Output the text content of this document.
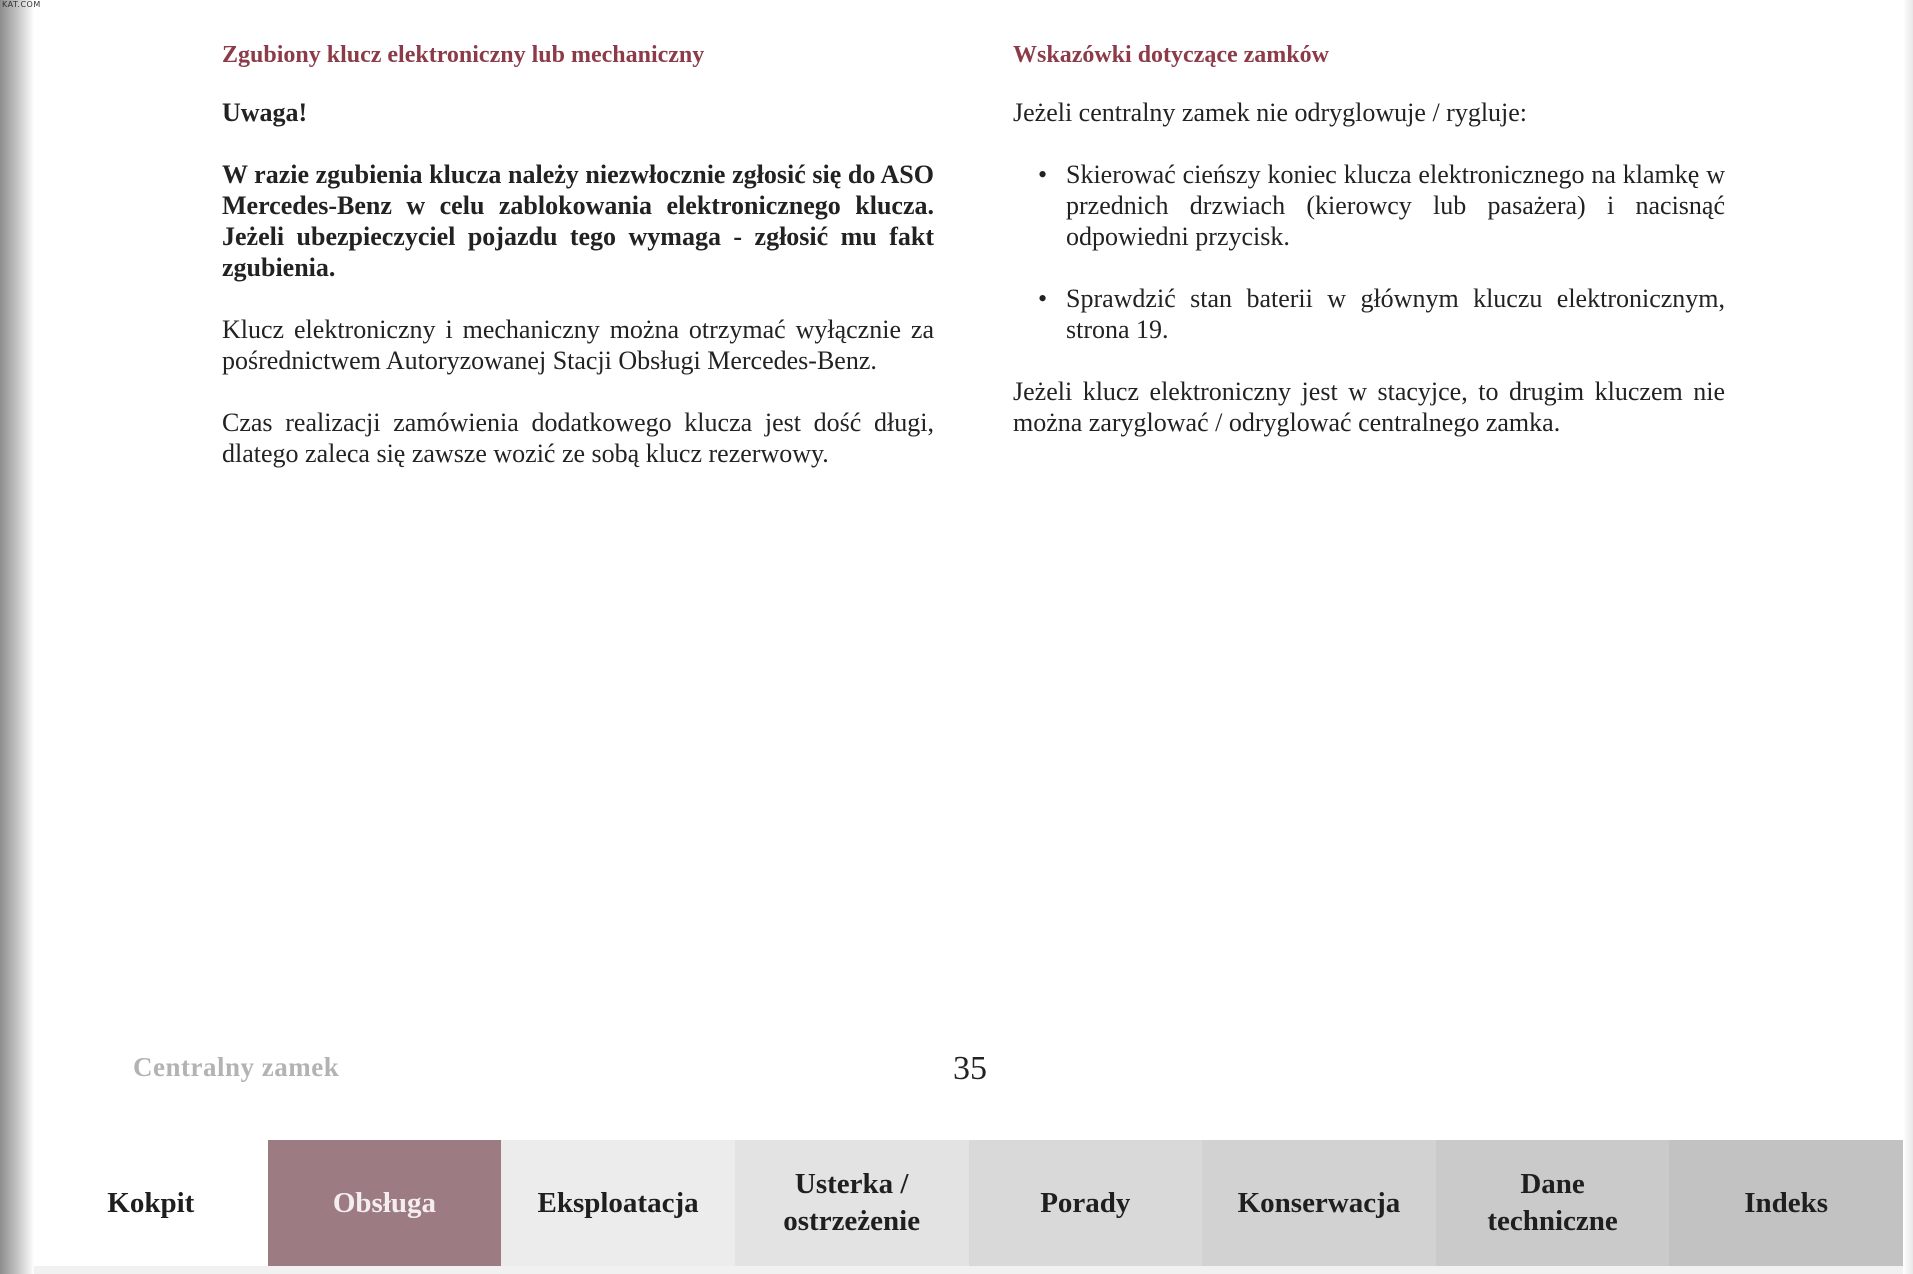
KAT.COM
Zgubiony klucz elektroniczny lub mechaniczny

Uwaga!

W razie zgubienia klucza należy niezwłocznie zgłosić się do ASO Mercedes-Benz w celu zablokowania elektronicznego klucza. Jeżeli ubezpieczyciel pojazdu tego wymaga - zgłosić mu fakt zgubienia.

Klucz elektroniczny i mechaniczny można otrzymać wyłącznie za pośrednictwem Autoryzowanej Stacji Obsługi Mercedes-Benz.

Czas realizacji zamówienia dodatkowego klucza jest dość długi, dlatego zaleca się zawsze wozić ze sobą klucz rezerwowy.

Wskazówki dotyczące zamków

Jeżeli centralny zamek nie odryglowuje / rygluje:

• Skierować cieńszy koniec klucza elektronicznego na klamkę w przednich drzwiach (kierowcy lub pasażera) i nacisnąć odpowiedni przycisk.
• Sprawdzić stan baterii w głównym kluczu elektronicznym, strona 19.

Jeżeli klucz elektroniczny jest w stacyjce, to drugim kluczem nie można zaryglować / odryglować centralnego zamka.

Centralny zamek	35
Kokpit	Obsługa	Eksploatacja
Usterka /
ostrzeżenie
Porady	Konserwacja
Dane
techniczne
Indeks
